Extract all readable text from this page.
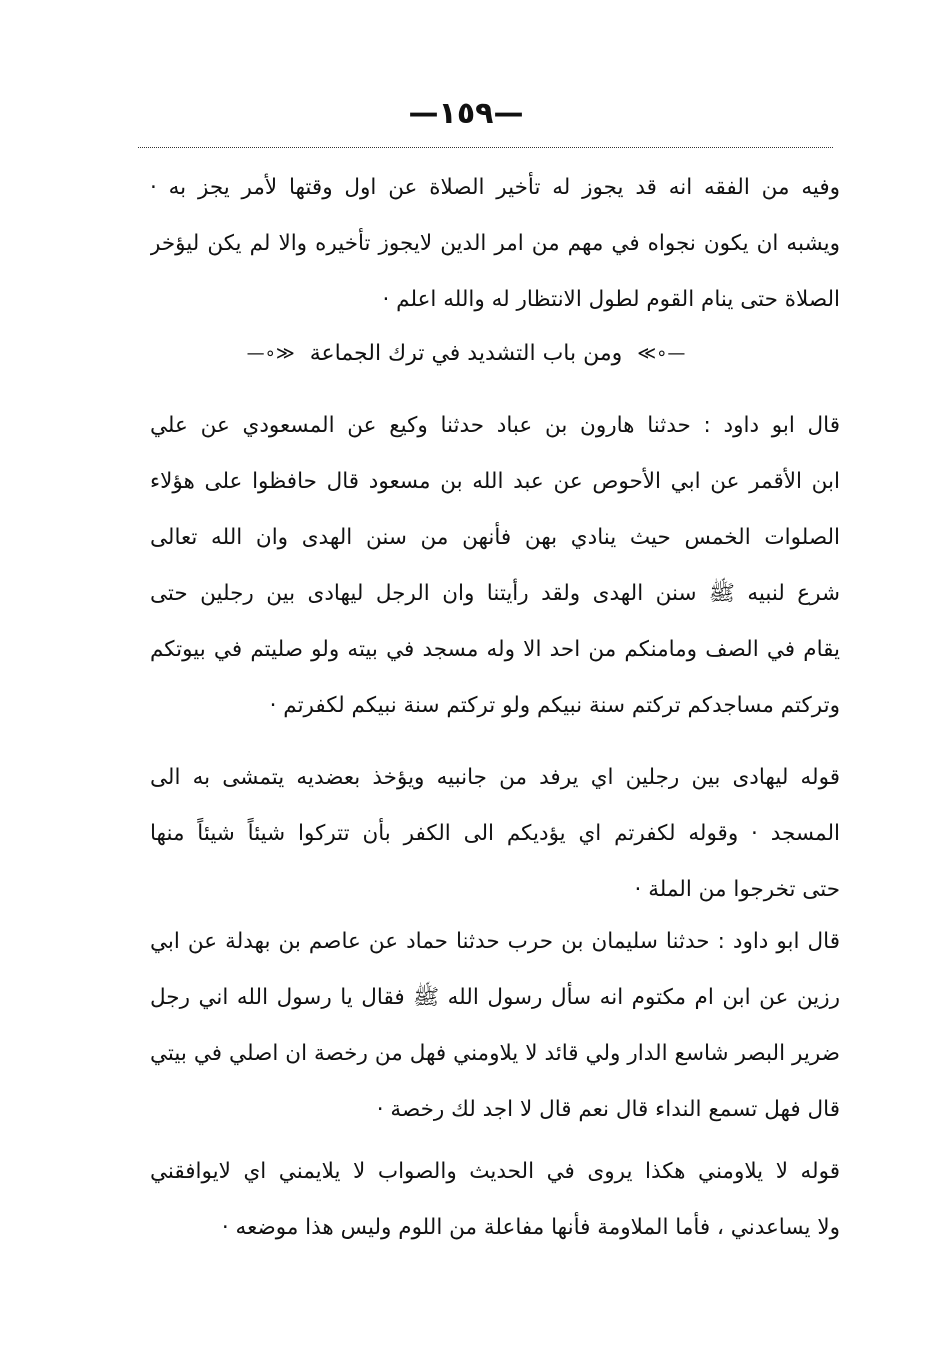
—١٥٩—
وفيه من الفقه انه قد يجوز له تأخير الصلاة عن اول وقتها لأمر يجز به ·
ويشبه ان يكون نجواه في مهم من امر الدين لايجوز تأخيره والا لم يكن ليؤخر
الصلاة حتى ينام القوم لطول الانتظار له والله اعلم ·
—∘≫ ومن باب التشديد في ترك الجماعة ≪∘—
قال ابو داود : حدثنا هارون بن عباد حدثنا وكيع عن المسعودي عن علي
ابن الأقمر عن ابي الأحوص عن عبد الله بن مسعود قال حافظوا على هؤلاء
الصلوات الخمس حيث ينادي بهن فأنهن من سنن الهدى وان الله تعالى
شرع لنبيه ﷺ سنن الهدى ولقد رأيتنا وان الرجل ليهادى بين رجلين حتى
يقام في الصف ومامنكم من احد الا وله مسجد في بيته ولو صليتم في بيوتكم
وتركتم مساجدكم تركتم سنة نبيكم ولو تركتم سنة نبيكم لكفرتم ·
قوله ليهادى بين رجلين اي يرفد من جانبيه ويؤخذ بعضديه يتمشى به الى
المسجد · وقوله لكفرتم اي يؤديكم الى الكفر بأن تتركوا شيئاً شيئاً منها
حتى تخرجوا من الملة ·
قال ابو داود : حدثنا سليمان بن حرب حدثنا حماد عن عاصم بن بهدلة عن ابي
رزين عن ابن ام مكتوم انه سأل رسول الله ﷺ فقال يا رسول الله اني رجل
ضرير البصر شاسع الدار ولي قائد لا يلاومني فهل من رخصة ان اصلي في بيتي
قال فهل تسمع النداء قال نعم قال لا اجد لك رخصة ·
قوله لا يلاومني هكذا يروى في الحديث والصواب لا يلايمني اي لايوافقني
ولا يساعدني ، فأما الملاومة فأنها مفاعلة من اللوم وليس هذا موضعه ·
